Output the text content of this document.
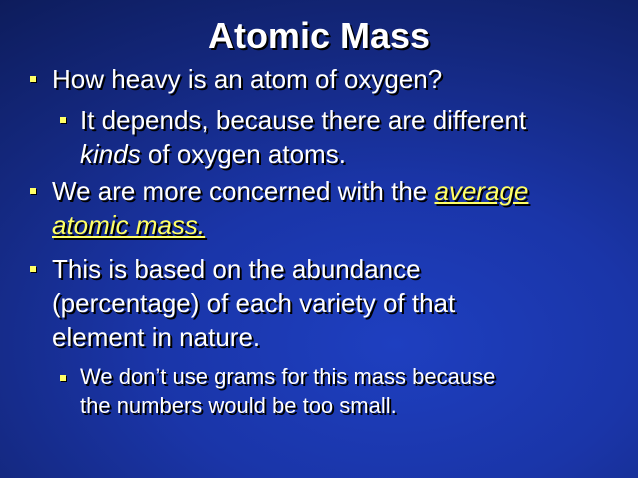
Atomic Mass
How heavy is an atom of oxygen?
It depends, because there are different
kinds of oxygen atoms.
We are more concerned with the average
atomic mass.
This is based on the abundance
(percentage) of each variety of that
element in nature.
We don’t use grams for this mass because
the numbers would be too small.
